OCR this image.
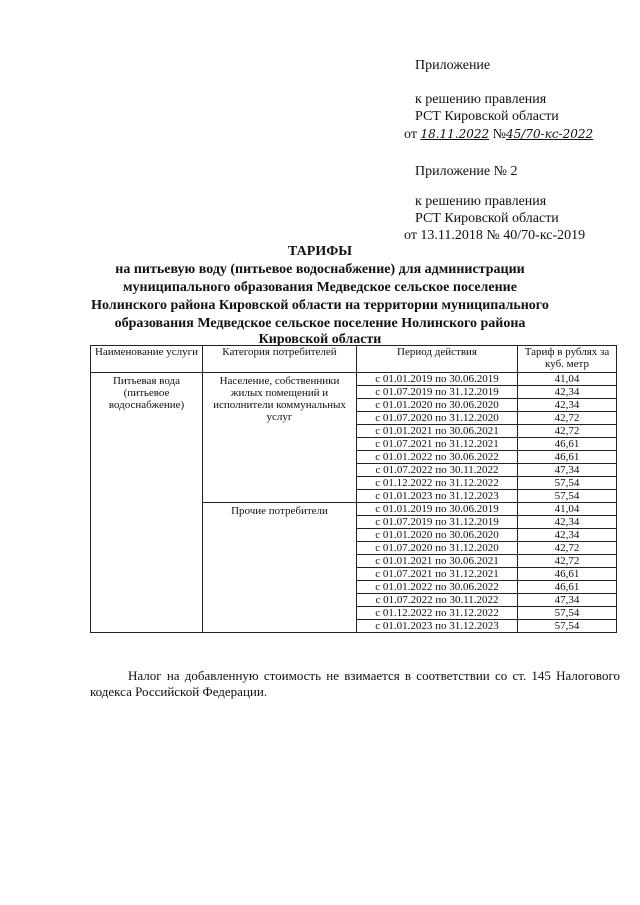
Приложение
к решению правления
РСТ Кировской области
от 18.11.2022 №45/70-кс-2022
Приложение № 2
к решению правления
РСТ Кировской области
от 13.11.2018 № 40/70-кс-2019
ТАРИФЫ
на питьевую воду (питьевое водоснабжение) для администрации
муниципального образования Медведское сельское поселение
Нолинского района Кировской области на территории муниципального
образования Медведское сельское поселение Нолинского района
Кировской области
Наименование услуги	Категория потребителей	Период действия	Тариф в рублях за куб. метр
Питьевая вода (питьевое водоснабжение)	Население, собственники жилых помещений и исполнители коммунальных услуг	с 01.01.2019 по 30.06.2019	41,04
		с 01.07.2019 по 31.12.2019	42,34
		с 01.01.2020 по 30.06.2020	42,34
		с 01.07.2020 по 31.12.2020	42,72
		с 01.01.2021 по 30.06.2021	42,72
		с 01.07.2021 по 31.12.2021	46,61
		с 01.01.2022 по 30.06.2022	46,61
		с 01.07.2022 по 30.11.2022	47,34
		с 01.12.2022 по 31.12.2022	57,54
		с 01.01.2023 по 31.12.2023	57,54
	Прочие потребители	с 01.01.2019 по 30.06.2019	41,04
		с 01.07.2019 по 31.12.2019	42,34
		с 01.01.2020 по 30.06.2020	42,34
		с 01.07.2020 по 31.12.2020	42,72
		с 01.01.2021 по 30.06.2021	42,72
		с 01.07.2021 по 31.12.2021	46,61
		с 01.01.2022 по 30.06.2022	46,61
		с 01.07.2022 по 30.11.2022	47,34
		с 01.12.2022 по 31.12.2022	57,54
		с 01.01.2023 по 31.12.2023	57,54
Налог на добавленную стоимость не взимается в соответствии со ст. 145 Налогового кодекса Российской Федерации.
